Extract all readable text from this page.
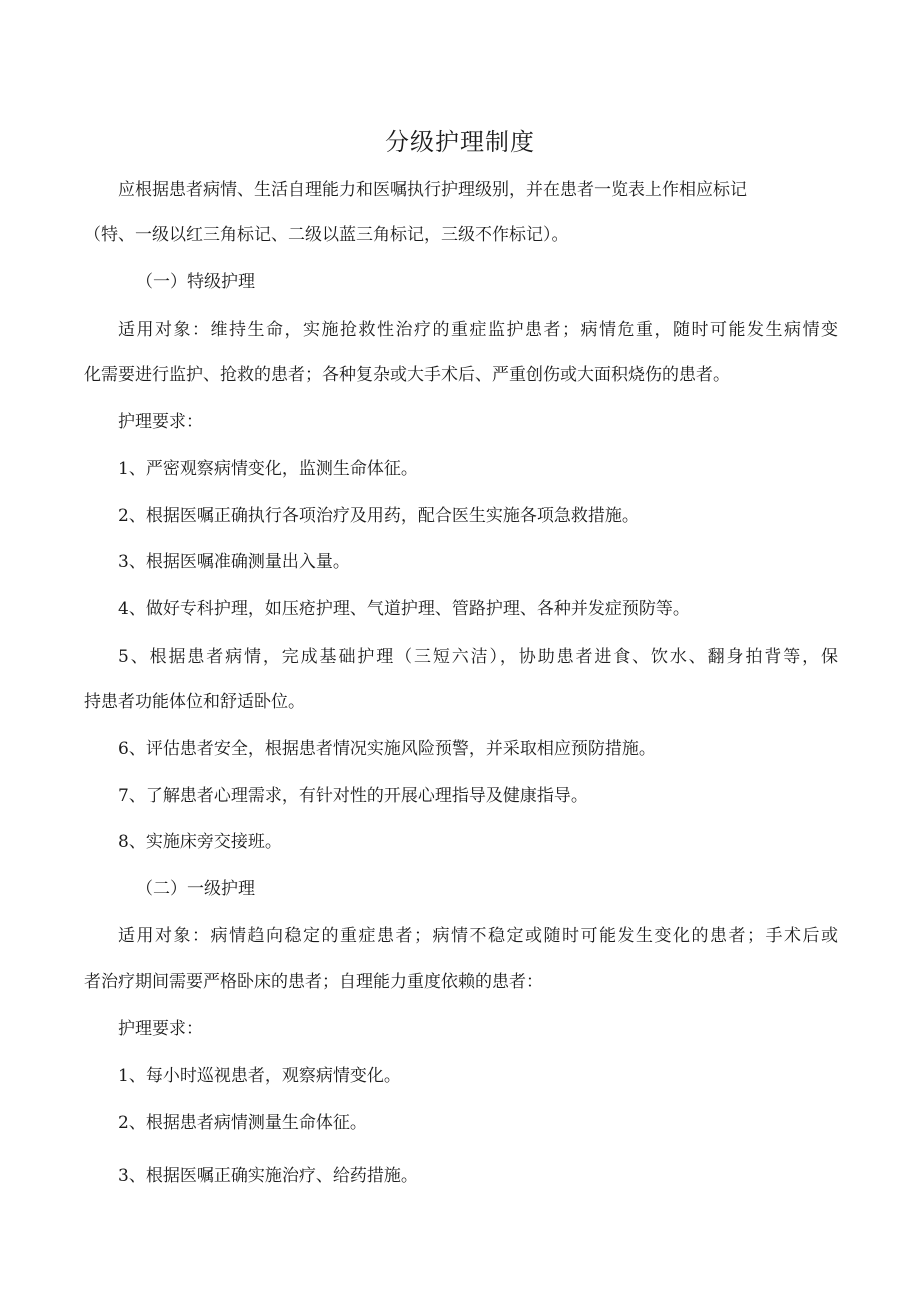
分级护理制度
应根据患者病情、生活自理能力和医嘱执行护理级别，并在患者一览表上作相应标记
（特、一级以红三角标记、二级以蓝三角标记，三级不作标记）。
（一）特级护理
适用对象：维持生命，实施抢救性治疗的重症监护患者；病情危重，随时可能发生病情变
化需要进行监护、抢救的患者；各种复杂或大手术后、严重创伤或大面积烧伤的患者。
护理要求：
1、严密观察病情变化，监测生命体征。
2、根据医嘱正确执行各项治疗及用药，配合医生实施各项急救措施。
3、根据医嘱准确测量出入量。
4、做好专科护理，如压疮护理、气道护理、管路护理、各种并发症预防等。
5、根据患者病情，完成基础护理（三短六洁），协助患者进食、饮水、翻身拍背等，保
持患者功能体位和舒适卧位。
6、评估患者安全，根据患者情况实施风险预警，并采取相应预防措施。
7、了解患者心理需求，有针对性的开展心理指导及健康指导。
8、实施床旁交接班。
（二）一级护理
适用对象：病情趋向稳定的重症患者；病情不稳定或随时可能发生变化的患者；手术后或
者治疗期间需要严格卧床的患者；自理能力重度依赖的患者：
护理要求：
1、每小时巡视患者，观察病情变化。
2、根据患者病情测量生命体征。
3、根据医嘱正确实施治疗、给药措施。
